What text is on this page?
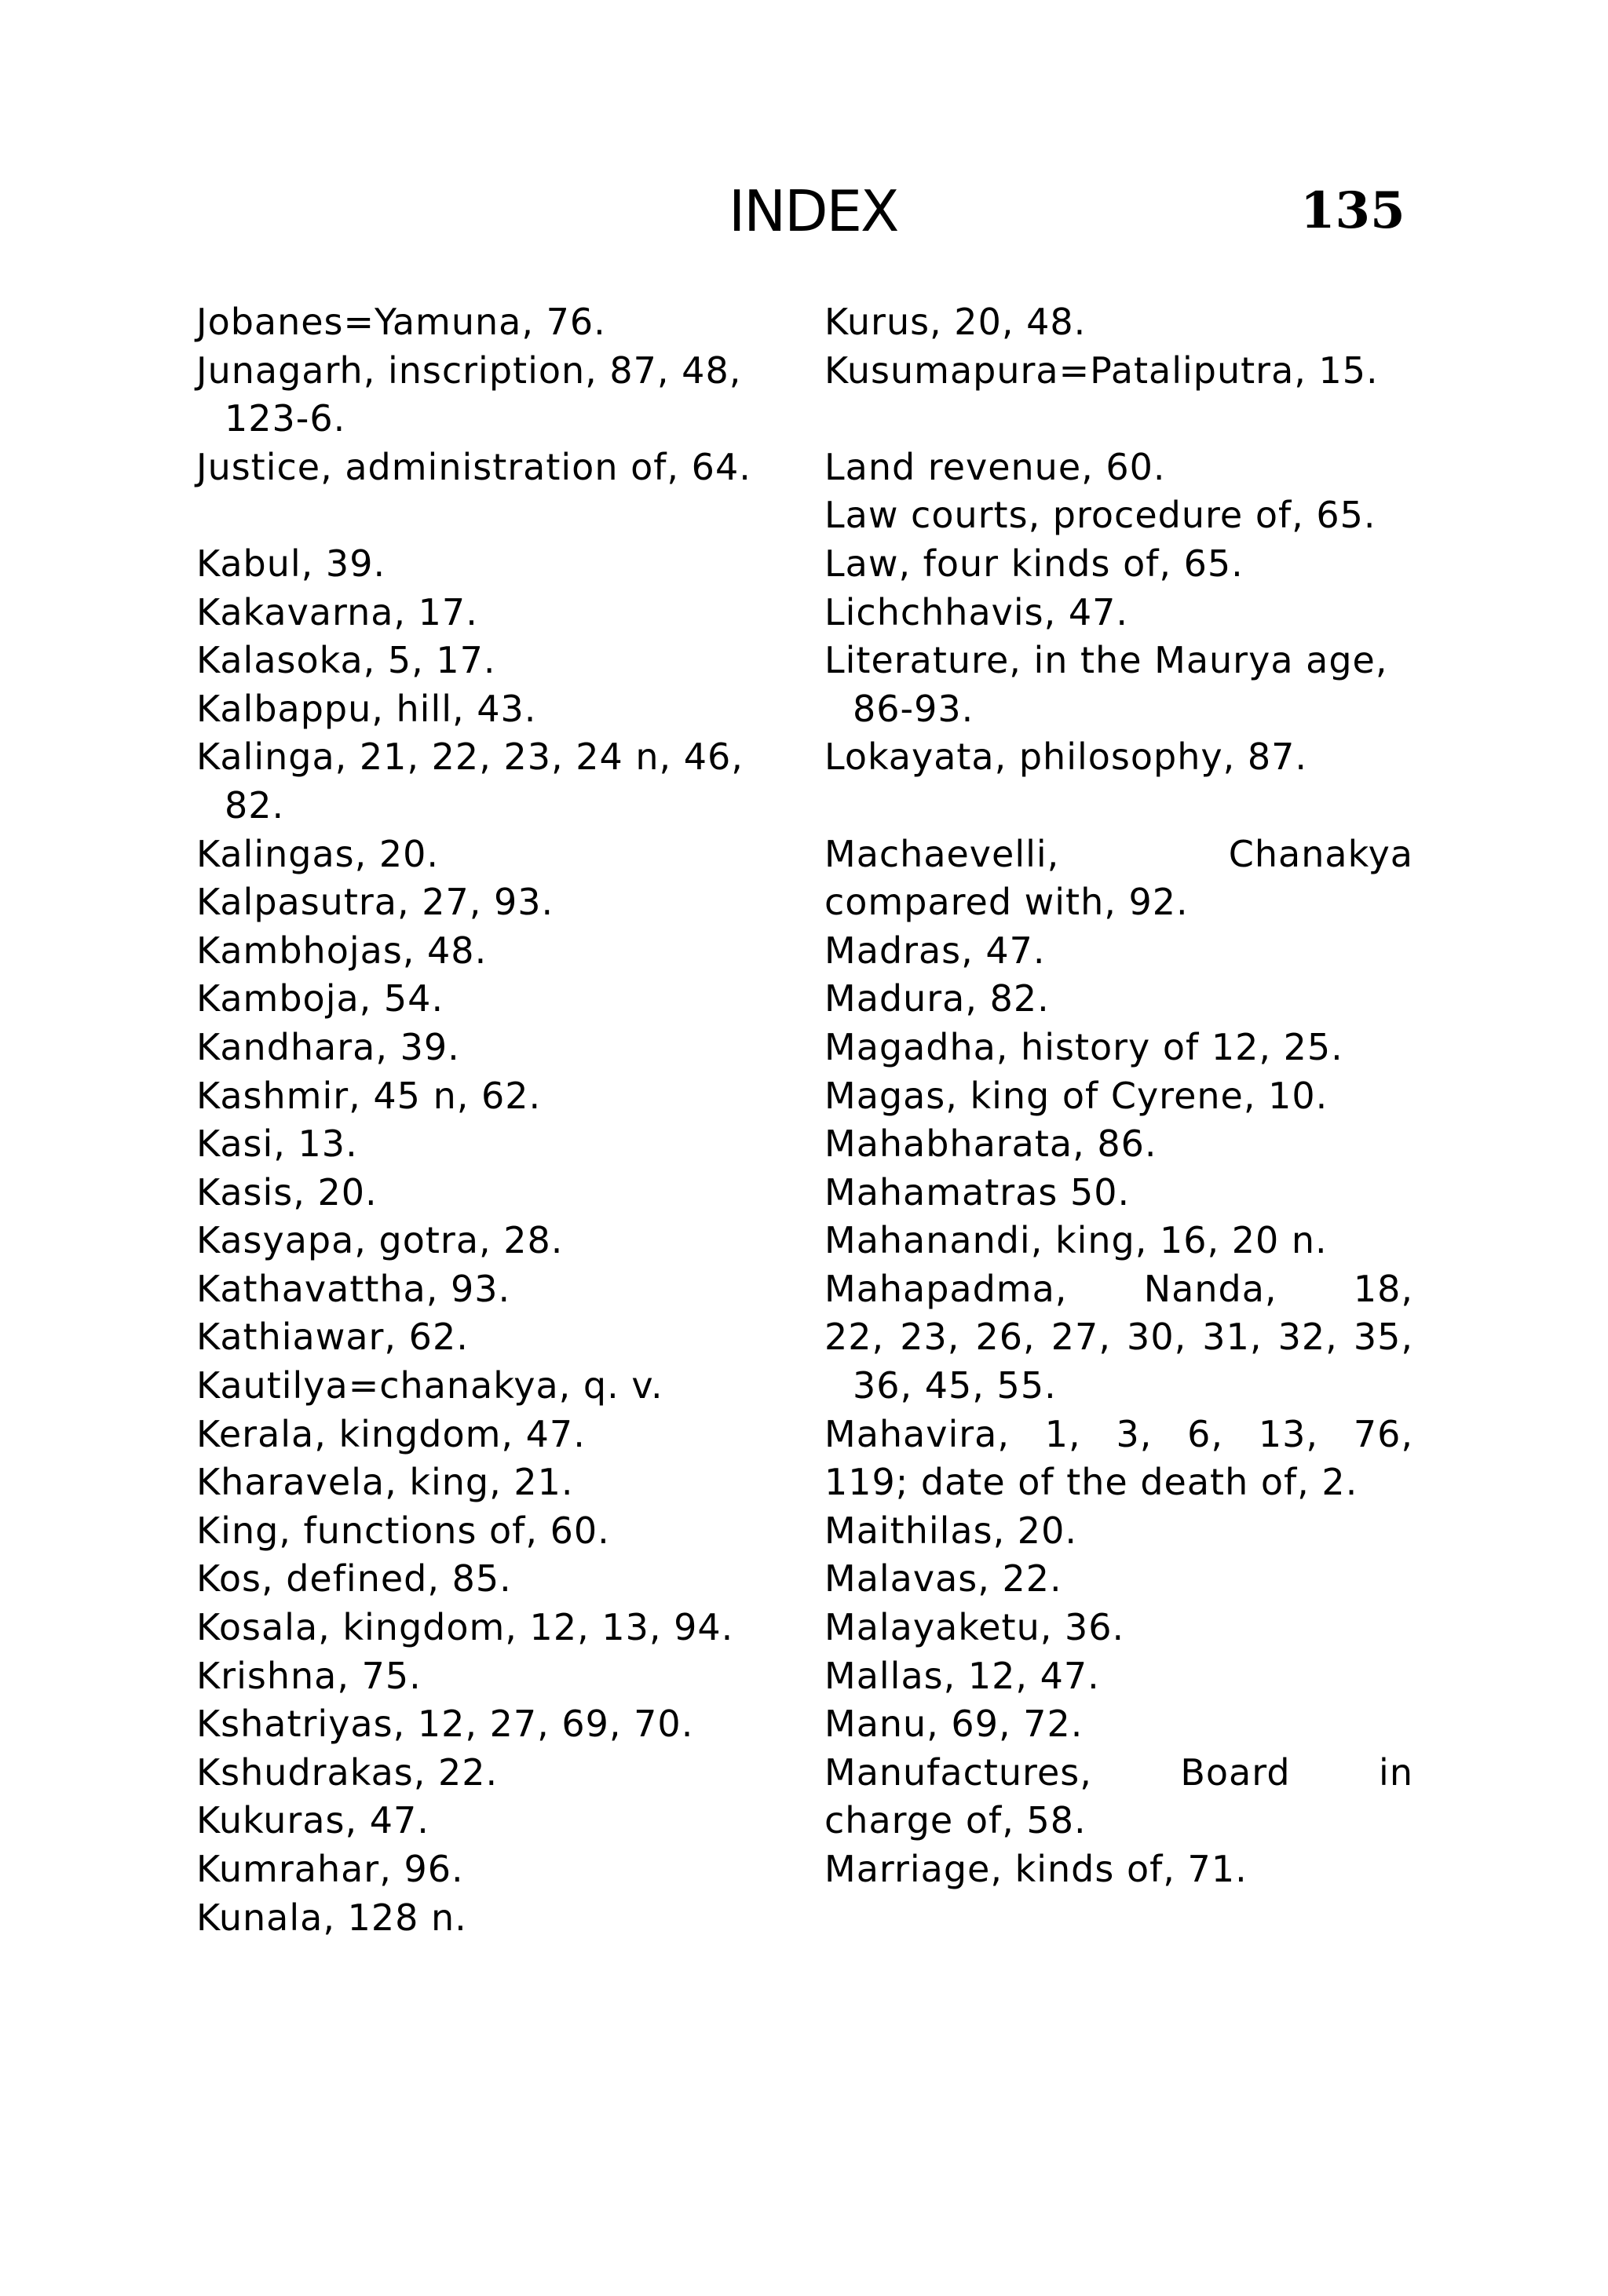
INDEX	135
Jobanes=Yamuna, 76.
Junagarh, inscription, 87, 48, 123-6.
Justice, administration of, 64.
Kabul, 39.
Kakavarna, 17.
Kalasoka, 5, 17.
Kalbappu, hill, 43.
Kalinga, 21, 22, 23, 24 n, 46, 82.
Kalingas, 20.
Kalpasutra, 27, 93.
Kambhojas, 48.
Kamboja, 54.
Kandhara, 39.
Kashmir, 45 n, 62.
Kasi, 13.
Kasis, 20.
Kasyapa, gotra, 28.
Kathavattha, 93.
Kathiawar, 62.
Kautilya=chanakya, q. v.
Kerala, kingdom, 47.
Kharavela, king, 21.
King, functions of, 60.
Kos, defined, 85.
Kosala, kingdom, 12, 13, 94.
Krishna, 75.
Kshatriyas, 12, 27, 69, 70.
Kshudrakas, 22.
Kukuras, 47.
Kumrahar, 96.
Kunala, 128 n.
Kurus, 20, 48.
Kusumapura=Pataliputra, 15.
Land revenue, 60.
Law courts, procedure of, 65.
Law, four kinds of, 65.
Lichchhavis, 47.
Literature, in the Maurya age, 86-93.
Lokayata, philosophy, 87.
Machaevelli, Chanakya
compared with, 92.
Madras, 47.
Madura, 82.
Magadha, history of 12, 25.
Magas, king of Cyrene, 10.
Mahabharata, 86.
Mahamatras 50.
Mahanandi, king, 16, 20 n.
Mahapadma, Nanda, 18,
22, 23, 26, 27, 30, 31, 32, 35, 36, 45, 55.
Mahavira, 1, 3, 6, 13, 76,
119; date of the death of, 2.
Maithilas, 20.
Malavas, 22.
Malayaketu, 36.
Mallas, 12, 47.
Manu, 69, 72.
Manufactures, Board in
charge of, 58.
Marriage, kinds of, 71.
